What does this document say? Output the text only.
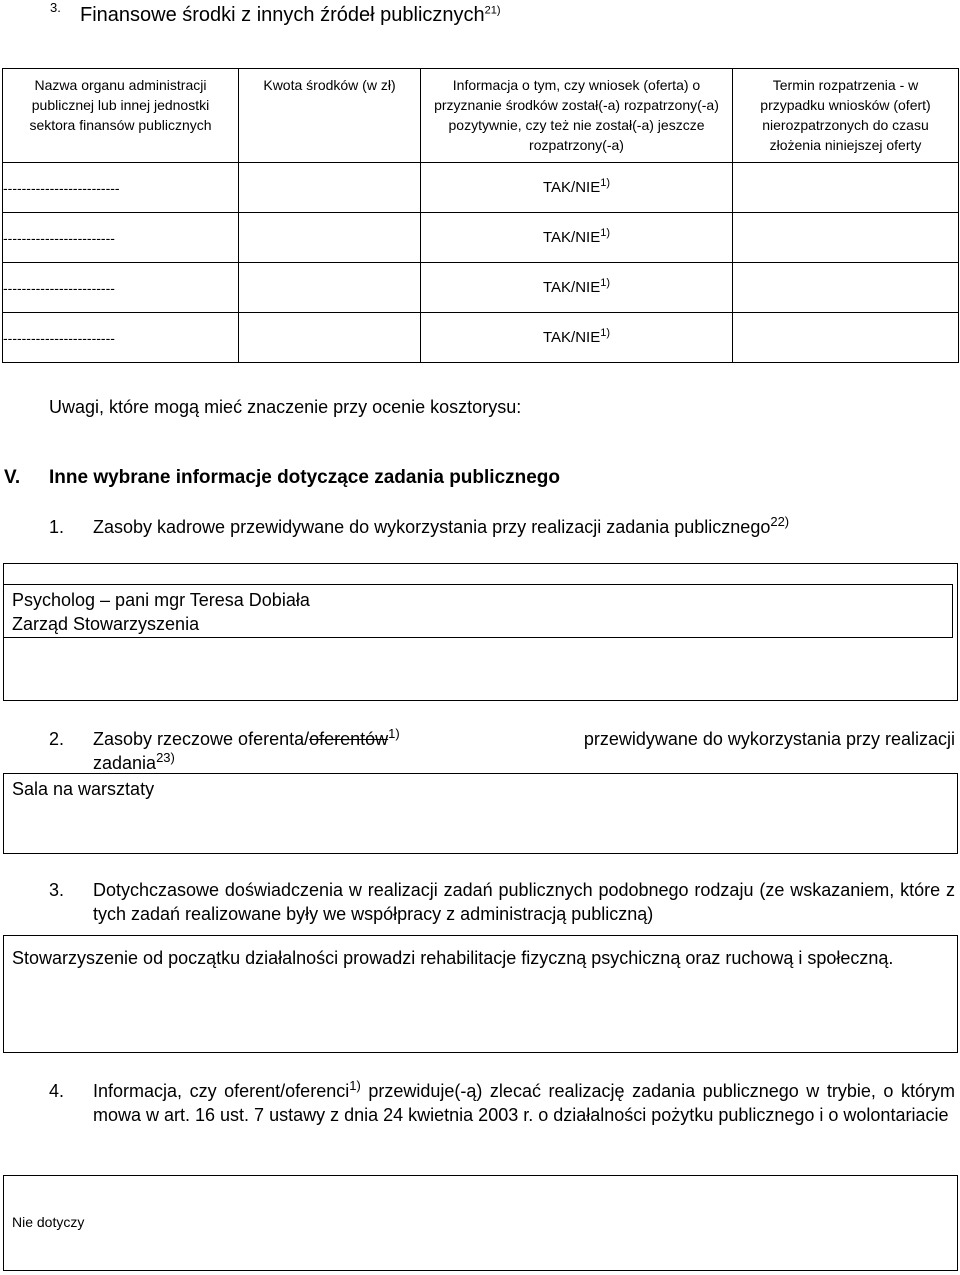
3. Finansowe środki z innych źródeł publicznych$^{21)}$
Nazwa organu administracji publicznej lub innej jednostki sektora finansów publicznych	Kwota środków (w zł)	Informacja o tym, czy wniosek (oferta) o przyznanie środków został(-a) rozpatrzony(-a) pozytywnie, czy też nie został(-a) jeszcze rozpatrzony(-a)	Termin rozpatrzenia - w przypadku wniosków (ofert) nierozpatrzonych do czasu złożenia niniejszej oferty
-------------------------		TAK/NIE$^{1)}$	
------------------------		TAK/NIE$^{1)}$	
------------------------		TAK/NIE$^{1)}$	
------------------------		TAK/NIE$^{1)}$	
Uwagi, które mogą mieć znaczenie przy ocenie kosztorysu:
V. Inne wybrane informacje dotyczące zadania publicznego
1. Zasoby kadrowe przewidywane do wykorzystania przy realizacji zadania publicznego$^{22)}$
Psycholog – pani mgr Teresa Dobiała
Zarząd Stowarzyszenia
2. Zasoby rzeczowe oferenta/oferentów$^{1)}$	przewidywane do wykorzystania przy realizacji
zadania$^{23)}$
Sala na warsztaty
3. Dotychczasowe doświadczenia w realizacji zadań publicznych podobnego rodzaju (ze wskazaniem, które z tych zadań realizowane były we współpracy z administracją publiczną)
Stowarzyszenie od początku działalności prowadzi rehabilitacje fizyczną psychiczną oraz ruchową i społeczną.
4. Informacja, czy oferent/oferenci$^{1)}$ przewiduje(-ą) zlecać realizację zadania publicznego w trybie, o którym mowa w art. 16 ust. 7 ustawy z dnia 24 kwietnia 2003 r. o działalności pożytku publicznego i o wolontariacie
Nie dotyczy
